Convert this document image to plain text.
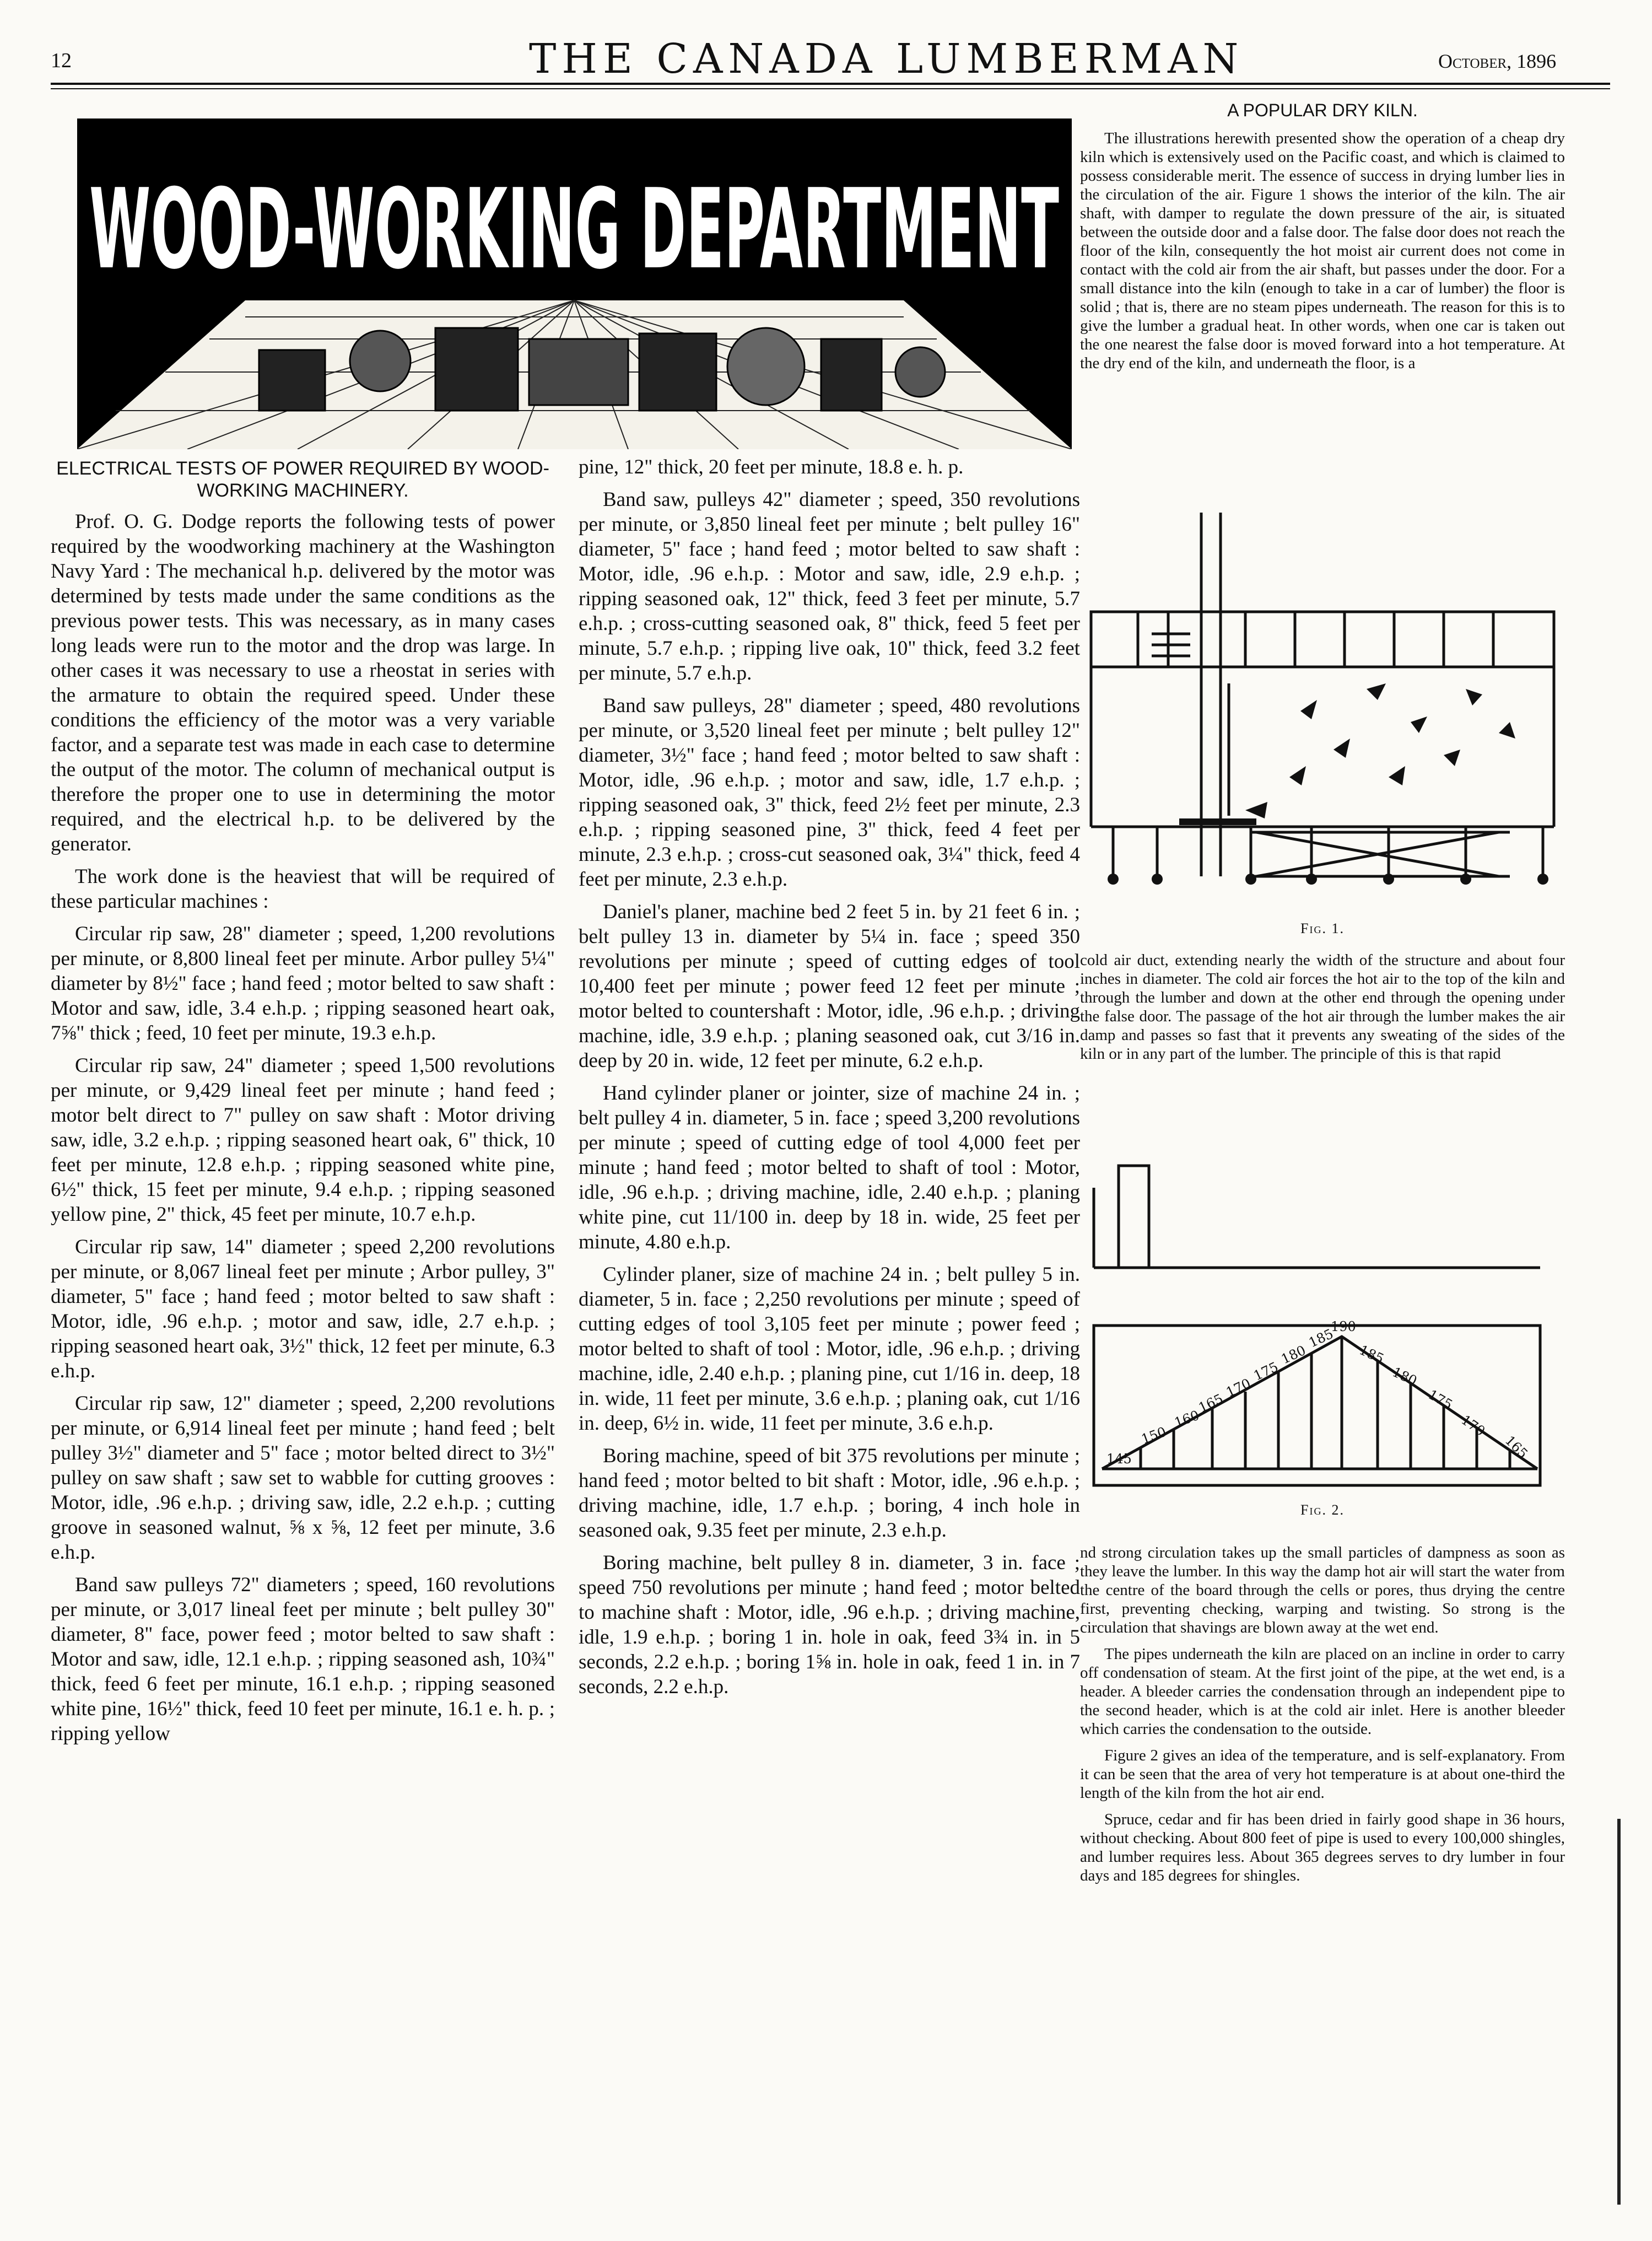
12	THE CANADA LUMBERMAN	October, 1896
WOOD-WORKING DEPARTMENT

ELECTRICAL TESTS OF POWER REQUIRED BY WOOD-WORKING MACHINERY.

Prof. O. G. Dodge reports the following tests of power required by the woodworking machinery at the Washington Navy Yard : The mechanical h.p. delivered by the motor was determined by tests made under the same conditions as the previous power tests. This was necessary, as in many cases long leads were run to the motor and the drop was large. In other cases it was necessary to use a rheostat in series with the armature to obtain the required speed. Under these conditions the efficiency of the motor was a very variable factor, and a separate test was made in each case to determine the output of the motor. The column of mechanical output is therefore the proper one to use in determining the motor required, and the electrical h.p. to be delivered by the generator.

The work done is the heaviest that will be required of these particular machines :

Circular rip saw, 28" diameter ; speed, 1,200 revolutions per minute, or 8,800 lineal feet per minute. Arbor pulley 5¼" diameter by 8½" face ; hand feed ; motor belted to saw shaft : Motor and saw, idle, 3.4 e.h.p. ; ripping seasoned heart oak, 7⅝" thick ; feed, 10 feet per minute, 19.3 e.h.p.

Circular rip saw, 24" diameter ; speed 1,500 revolutions per minute, or 9,429 lineal feet per minute ; hand feed ; motor belt direct to 7" pulley on saw shaft : Motor driving saw, idle, 3.2 e.h.p. ; ripping seasoned heart oak, 6" thick, 10 feet per minute, 12.8 e.h.p. ; ripping seasoned white pine, 6½" thick, 15 feet per minute, 9.4 e.h.p. ; ripping seasoned yellow pine, 2" thick, 45 feet per minute, 10.7 e.h.p.

Circular rip saw, 14" diameter ; speed 2,200 revolutions per minute, or 8,067 lineal feet per minute ; Arbor pulley, 3" diameter, 5" face ; hand feed ; motor belted to saw shaft : Motor, idle, .96 e.h.p. ; motor and saw, idle, 2.7 e.h.p. ; ripping seasoned heart oak, 3½" thick, 12 feet per minute, 6.3 e.h.p.

Circular rip saw, 12" diameter ; speed, 2,200 revolutions per minute, or 6,914 lineal feet per minute ; hand feed ; belt pulley 3½" diameter and 5" face ; motor belted direct to 3½" pulley on saw shaft ; saw set to wabble for cutting grooves : Motor, idle, .96 e.h.p. ; driving saw, idle, 2.2 e.h.p. ; cutting groove in seasoned walnut, ⅝ x ⅝, 12 feet per minute, 3.6 e.h.p.

Band saw pulleys 72" diameters ; speed, 160 revolutions per minute, or 3,017 lineal feet per minute ; belt pulley 30" diameter, 8" face, power feed ; motor belted to saw shaft : Motor and saw, idle, 12.1 e.h.p. ; ripping seasoned ash, 10¾" thick, feed 6 feet per minute, 16.1 e.h.p. ; ripping seasoned white pine, 16½" thick, feed 10 feet per minute, 16.1 e. h. p. ; ripping yellow

pine, 12" thick, 20 feet per minute, 18.8 e. h. p.

Band saw, pulleys 42" diameter ; speed, 350 revolutions per minute, or 3,850 lineal feet per minute ; belt pulley 16" diameter, 5" face ; hand feed ; motor belted to saw shaft : Motor, idle, .96 e.h.p. : Motor and saw, idle, 2.9 e.h.p. ; ripping seasoned oak, 12" thick, feed 3 feet per minute, 5.7 e.h.p. ; cross-cutting seasoned oak, 8" thick, feed 5 feet per minute, 5.7 e.h.p. ; ripping live oak, 10" thick, feed 3.2 feet per minute, 5.7 e.h.p.

Band saw pulleys, 28" diameter ; speed, 480 revolutions per minute, or 3,520 lineal feet per minute ; belt pulley 12" diameter, 3½" face ; hand feed ; motor belted to saw shaft : Motor, idle, .96 e.h.p. ; motor and saw, idle, 1.7 e.h.p. ; ripping seasoned oak, 3" thick, feed 2½ feet per minute, 2.3 e.h.p. ; ripping seasoned pine, 3" thick, feed 4 feet per minute, 2.3 e.h.p. ; cross-cut seasoned oak, 3¼" thick, feed 4 feet per minute, 2.3 e.h.p.

Daniel's planer, machine bed 2 feet 5 in. by 21 feet 6 in. ; belt pulley 13 in. diameter by 5¼ in. face ; speed 350 revolutions per minute ; speed of cutting edges of tool 10,400 feet per minute ; power feed 12 feet per minute ; motor belted to countershaft : Motor, idle, .96 e.h.p. ; driving machine, idle, 3.9 e.h.p. ; planing seasoned oak, cut 3/16 in. deep by 20 in. wide, 12 feet per minute, 6.2 e.h.p.

Hand cylinder planer or jointer, size of machine 24 in. ; belt pulley 4 in. diameter, 5 in. face ; speed 3,200 revolutions per minute ; speed of cutting edge of tool 4,000 feet per minute ; hand feed ; motor belted to shaft of tool : Motor, idle, .96 e.h.p. ; driving machine, idle, 2.40 e.h.p. ; planing white pine, cut 11/100 in. deep by 18 in. wide, 25 feet per minute, 4.80 e.h.p.

Cylinder planer, size of machine 24 in. ; belt pulley 5 in. diameter, 5 in. face ; 2,250 revolutions per minute ; speed of cutting edges of tool 3,105 feet per minute ; power feed ; motor belted to shaft of tool : Motor, idle, .96 e.h.p. ; driving machine, idle, 2.40 e.h.p. ; planing pine, cut 1/16 in. deep, 18 in. wide, 11 feet per minute, 3.6 e.h.p. ; planing oak, cut 1/16 in. deep, 6½ in. wide, 11 feet per minute, 3.6 e.h.p.

Boring machine, speed of bit 375 revolutions per minute ; hand feed ; motor belted to bit shaft : Motor, idle, .96 e.h.p. ; driving machine, idle, 1.7 e.h.p. ; boring, 4 inch hole in seasoned oak, 9.35 feet per minute, 2.3 e.h.p.

Boring machine, belt pulley 8 in. diameter, 3 in. face ; speed 750 revolutions per minute ; hand feed ; motor belted to machine shaft : Motor, idle, .96 e.h.p. ; driving machine, idle, 1.9 e.h.p. ; boring 1 in. hole in oak, feed 3¾ in. in 5 seconds, 2.2 e.h.p. ; boring 1⅝ in. hole in oak, feed 1 in. in 7 seconds, 2.2 e.h.p.

A POPULAR DRY KILN.

The illustrations herewith presented show the operation of a cheap dry kiln which is extensively used on the Pacific coast, and which is claimed to possess considerable merit. The essence of success in drying lumber lies in the circulation of the air. Figure 1 shows the interior of the kiln. The air shaft, with damper to regulate the down pressure of the air, is situated between the outside door and a false door. The false door does not reach the floor of the kiln, consequently the hot moist air current does not come in contact with the cold air from the air shaft, but passes under the door. For a small distance into the kiln (enough to take in a car of lumber) the floor is solid ; that is, there are no steam pipes underneath. The reason for this is to give the lumber a gradual heat. In other words, when one car is taken out the one nearest the false door is moved forward into a hot temperature. At the dry end of the kiln, and underneath the floor, is a

Fig. 1.

cold air duct, extending nearly the width of the structure and about four inches in diameter. The cold air forces the hot air to the top of the kiln and through the lumber and down at the other end through the opening under the false door. The passage of the hot air through the lumber makes the air damp and passes so fast that it prevents any sweating of the sides of the kiln or in any part of the lumber. The principle of this is that rapid

145
150
160
165
170
175
180
185
190
185
180
175
170
165
Fig. 2.

nd strong circulation takes up the small particles of dampness as soon as they leave the lumber. In this way the damp hot air will start the water from the centre of the board through the cells or pores, thus drying the centre first, preventing checking, warping and twisting. So strong is the circulation that shavings are blown away at the wet end.

The pipes underneath the kiln are placed on an incline in order to carry off condensation of steam. At the first joint of the pipe, at the wet end, is a header. A bleeder carries the condensation through an independent pipe to the second header, which is at the cold air inlet. Here is another bleeder which carries the condensation to the outside.

Figure 2 gives an idea of the temperature, and is self-explanatory. From it can be seen that the area of very hot temperature is at about one-third the length of the kiln from the hot air end.

Spruce, cedar and fir has been dried in fairly good shape in 36 hours, without checking. About 800 feet of pipe is used to every 100,000 shingles, and lumber requires less. About 365 degrees serves to dry lumber in four days and 185 degrees for shingles.
